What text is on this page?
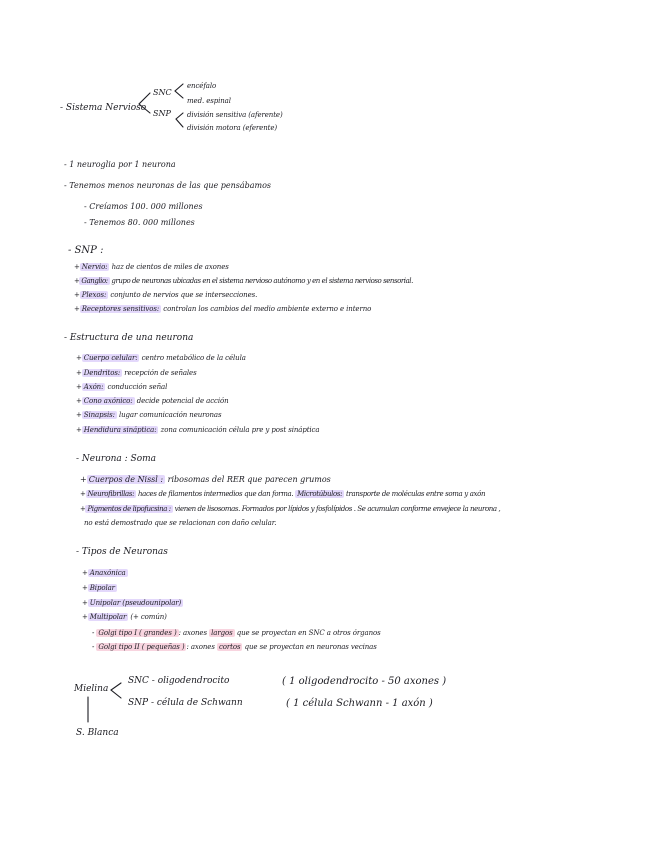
- Sistema Nervioso
SNC
SNP
encéfalo
med. espinal
división sensitiva (aferente)
división motora (eferente)
- 1 neuroglia por 1 neurona
- Tenemos menos neuronas de las que pensábamos
- Creíamos 100. 000 millones
- Tenemos 80. 000 millones
- SNP :
+ Nervio: haz de cientos de miles de axones
+ Ganglio: grupo de neuronas ubicadas en el sistema nervioso autónomo y en el sistema nervioso sensorial.
+ Plexos: conjunto de nervios que se intersecciones.
+ Receptores sensitivos: controlan los cambios del medio ambiente externo e interno
- Estructura de una neurona
+ Cuerpo celular: centro metabólico de la célula
+ Dendritos: recepción de señales
+ Axón: conducción señal
+ Cono axónico: decide potencial de acción
+ Sinapsis: lugar comunicación neuronas
+ Hendidura sináptica: zona comunicación célula pre y post sináptica
- Neurona : Soma
+ Cuerpos de Nissl : ribosomas del RER que parecen grumos
+ Neurofibrillas: haces de filamentos intermedios que dan forma. Microtúbulos: transporte de moléculas entre soma y axón
+ Pigmentos de lipofucsina : vienen de lisosomas. Formados por lípidos y fosfolípidos . Se acumulan conforme envejece la neurona ,
no está demostrado que se relacionan con daño celular.
- Tipos de Neuronas
+ Anaxónica
+ Bipolar
+ Unipolar (pseudounipolar)
+ Multipolar (+ común)
- Golgi tipo I ( grandes ) : axones largos que se proyectan en SNC a otros órganos
- Golgi tipo II ( pequeñas ) : axones cortos que se proyectan en neuronas vecinas
Mielina
SNC - oligodendrocito	( 1 oligodendrocito - 50 axones )
SNP - célula de Schwann	( 1 célula Schwann - 1 axón )
S. Blanca
